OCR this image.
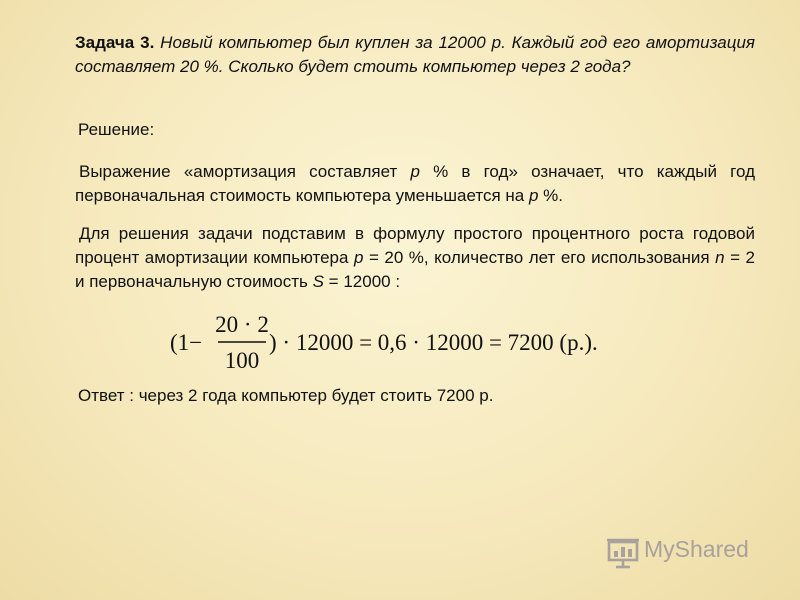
Задача 3. Новый компьютер был куплен за 12000 р. Каждый год его амортизация составляет 20 %. Сколько будет стоить компьютер через 2 года?
Решение:
Выражение «амортизация составляет p % в год» означает, что каждый год первоначальная стоимость компьютера уменьшается на p %.
Для решения задачи подставим в формулу простого процентного роста годовой процент амортизации компьютера p = 20 %, количество лет его использования n = 2 и первоначальную стоимость S = 12000 :
(1−
20 · 2
100
) · 12000 = 0,6 · 12000 = 7200 (р.).
Ответ : через 2 года компьютер будет стоить 7200 р.
MyShared
